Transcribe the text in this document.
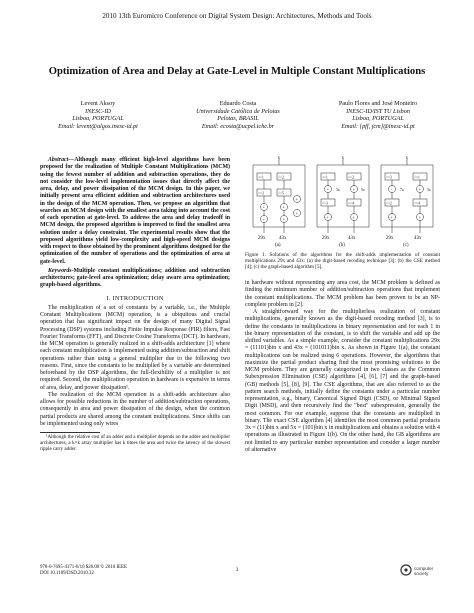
2010 13th Euromicro Conference on Digital System Design: Architectures, Methods and Tools
Optimization of Area and Delay at Gate-Level in Multiple Constant Multiplications
Levent Aksoy
INESC-ID
Lisboa, PORTUGAL
Email: levent@algos.inesc-id.pt
Eduardo Costa
Universidade Católica de Pelotas
Pelotas, BRASIL
Email: ecosta@ucpel.tche.br
Paulo Flores and José Monteiro
INESC-ID/IST TU Lisbon
Lisboa, PORTUGAL
Email: {pff, jcm}@inesc-id.pt

Abstract—Although many efficient high-level algorithms have been proposed for the realization of Multiple Constant Multiplications (MCM) using the fewest number of addition and subtraction operations, they do not consider the low-level implementation issues that directly affect the area, delay, and power dissipation of the MCM design. In this paper, we initially present area efficient addition and subtraction architectures used in the design of the MCM operation. Then, we propose an algorithm that searches an MCM design with the smallest area taking into account the cost of each operation at gate-level. To address the area and delay tradeoff in MCM design, the proposed algorithm is improved to find the smallest area solution under a delay constraint. The experimental results show that the proposed algorithms yield low-complexity and high-speed MCM designs with respect to those obtained by the prominent algorithms designed for the optimization of the number of operations and the optimization of area at gate-level.

Keywords-Multiple constant multiplications; addition and subtraction architectures; gate-level area optimization; delay aware area optimization; graph-based algorithms.

I. INTRODUCTION

The multiplication of a set of constants by a variable, i.e., the Multiple Constant Multiplications (MCM) operation, is a ubiquitous and crucial operation that has significant impact on the design of many Digital Signal Processing (DSP) systems including Finite Impulse Response (FIR) filters, Fast Fourier Transforms (FFT), and Discrete Cosine Transforms (DCT). In hardware, the MCM operation is generally realized in a shift-adds architecture [1] where each constant multiplication is implemented using addition/subtraction and shift operations rather than using a general multiplier due to the following two reasons. First, since the constants to be multiplied by a variable are determined beforehand by the DSP algorithms, the full-flexibility of a multiplier is not required. Second, the multiplication operation in hardware is expensive in terms of area, delay, and power dissipation¹.

The realization of the MCM operation in a shift-adds architecture also allows for possible reductions in the number of addition/subtraction operations, consequently in area and power dissipation of the design, when the common partial products are shared among the constant multiplications. Since shifts can be implemented using only wires

¹Although the relative cost of an adder and a multiplier depends on the adder and multiplier architectures, a k×k array multiplier has k times the area and twice the latency of the slowest ripple carry adder.

x	x	x
<<1	<<2
<<3	<<5
+	+
+	+
+
+
<<1	<<2
+	+
3x	5x
<<3	<<4
+	+
<<3	<<1
-	+
7x	3x
<<2	<<4
+	+
29x	43x	29x	43x	29x	43x
(a)	(b)	(c)
Figure 1. Solutions of the algorithms for the shift-adds implementation of constant multiplications 29x and 43x: (a) the digit-based recoding technique [3]; (b) the CSE method [4]; (c) the graph-based algorithm [5].

in hardware without representing any area cost, the MCM problem is defined as finding the minimum number of addition/subtraction operations that implement the constant multiplications. The MCM problem has been proven to be an NP-complete problem in [2].

A straightforward way for the multiplierless realization of constant multiplications, generally known as the digit-based recoding method [3], is to define the constants in multiplications in binary representation and for each 1 in the binary representation of the constant, is to shift the variable and add up the shifted variables. As a simple example, consider the constant multiplications 29x = (11101)bin x and 43x = (101011)bin x. As shown in Figure 1(a), the constant multiplications can be realized using 6 operations. However, the algorithms that maximize the partial product sharing find the most promising solutions to the MCM problem. They are generally categorized in two classes as the Common Subexpression Elimination (CSE) algorithms [4], [6], [7] and the graph-based (GB) methods [5], [8], [9]. The CSE algorithms, that are also referred to as the pattern search methods, initially define the constants under a particular number representation, e.g., binary, Canonical Signed Digit (CSD), or Minimal Signed Digit (MSD), and then recursively find the "best" subexpression, generally the most common. For our example, suppose that the constants are multiplied in binary. The exact CSE algorithm [4] identifies the most common partial products 3x = (11)bin x and 5x = (101)bin x in multiplications and obtains a solution with 4 operations as illustrated in Figure 1(b). On the other hand, the GB algorithms are not limited to any particular number representation and consider a larger number of alternative

978-0-7695-4171-6/10 $26.00 © 2010 IEEE
DOI 10.1109/DSD.2010.32
3	computer
society
